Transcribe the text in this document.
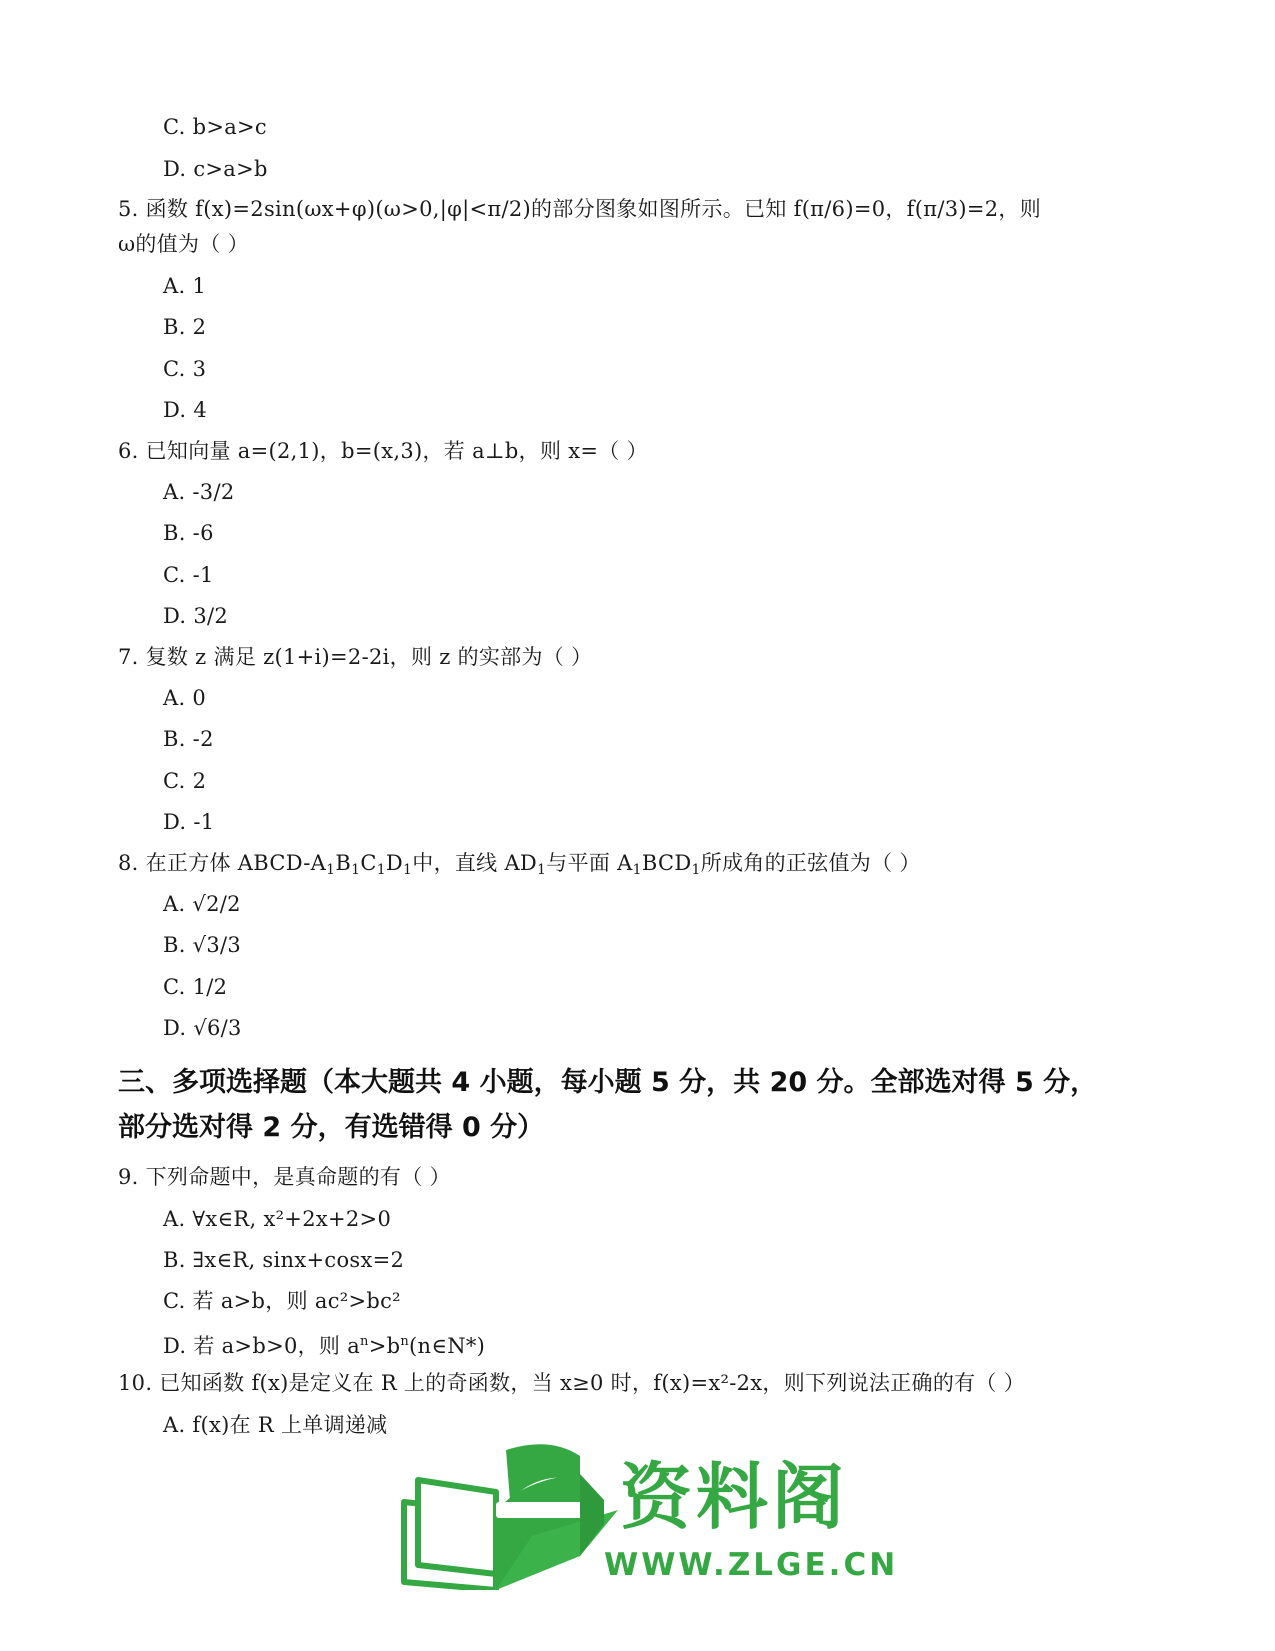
C. b>a>c
D. c>a>b
5. 函数 f(x)=2sin(ωx+φ)(ω>0,|φ|<π/2)的部分图象如图所示。已知 f(π/6)=0，f(π/3)=2，则
ω的值为（ ）
A. 1
B. 2
C. 3
D. 4
6. 已知向量 a=(2,1)，b=(x,3)，若 a⊥b，则 x=（ ）
A. -3/2
B. -6
C. -1
D. 3/2
7. 复数 z 满足 z(1+i)=2-2i，则 z 的实部为（ ）
A. 0
B. -2
C. 2
D. -1
8. 在正方体 ABCD-$A_1B_1C_1D_1$中，直线 $AD_1$与平面 $A_1BCD_1$所成角的正弦值为（ ）
A. √2/2
B. √3/3
C. 1/2
D. √6/3
三、多项选择题（本大题共 4 小题，每小题 5 分，共 20 分。全部选对得 5 分，
部分选对得 2 分，有选错得 0 分）
9. 下列命题中，是真命题的有（ ）
A. ∀x∈R, x²+2x+2>0
B. ∃x∈R, sinx+cosx=2
C. 若 a>b，则 ac²>bc²
D. 若 a>b>0，则 $a^n>b^n(n\in N*)$
10. 已知函数 f(x)是定义在 R 上的奇函数，当 x≥0 时，f(x)=x²-2x，则下列说法正确的有（ ）
A. f(x)在 R 上单调递减
资料阁
WWW.ZLGE.CN
